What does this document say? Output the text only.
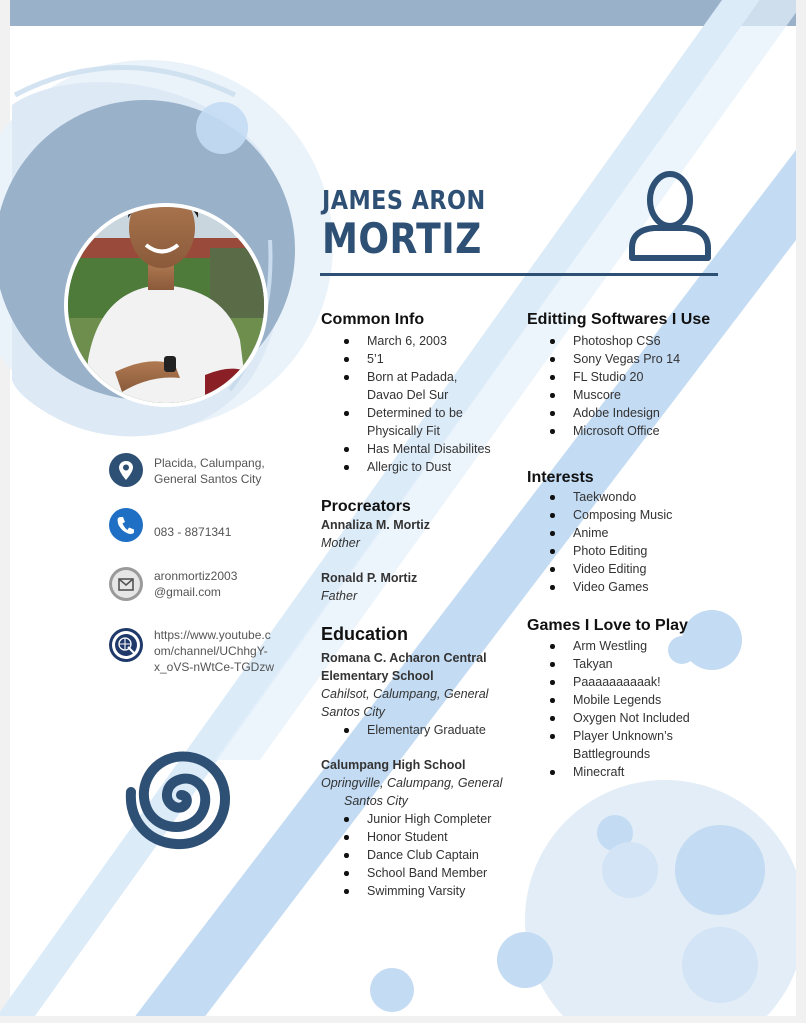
JAMES ARON
MORTIZ
Placida, Calumpang,
General Santos City
083 - 8871341
aronmortiz2003
@gmail.com
https://www.youtube.c
om/channel/UChhgY-
x_oVS-nWtCe-TGDzw
Common Info
March 6, 2003
5’1
Born at Padada,
Davao Del Sur
Determined to be
Physically Fit
Has Mental Disabilites
Allergic to Dust
Procreators
Annaliza M. Mortiz
Mother
Ronald P. Mortiz
Father
Education
Romana C. Acharon Central
Elementary School
Cahilsot, Calumpang, General
Santos City
Elementary Graduate
Calumpang High School
Opringville, Calumpang, General
Santos City
Junior High Completer
Honor Student
Dance Club Captain
School Band Member
Swimming Varsity
Editting Softwares I Use
Photoshop CS6
Sony Vegas Pro 14
FL Studio 20
Muscore
Adobe Indesign
Microsoft Office
Interests
Taekwondo
Composing Music
Anime
Photo Editing
Video Editing
Video Games
Games I Love to Play
Arm Westling
Takyan
Paaaaaaaaaak!
Mobile Legends
Oxygen Not Included
Player Unknown’s
Battlegrounds
Minecraft
